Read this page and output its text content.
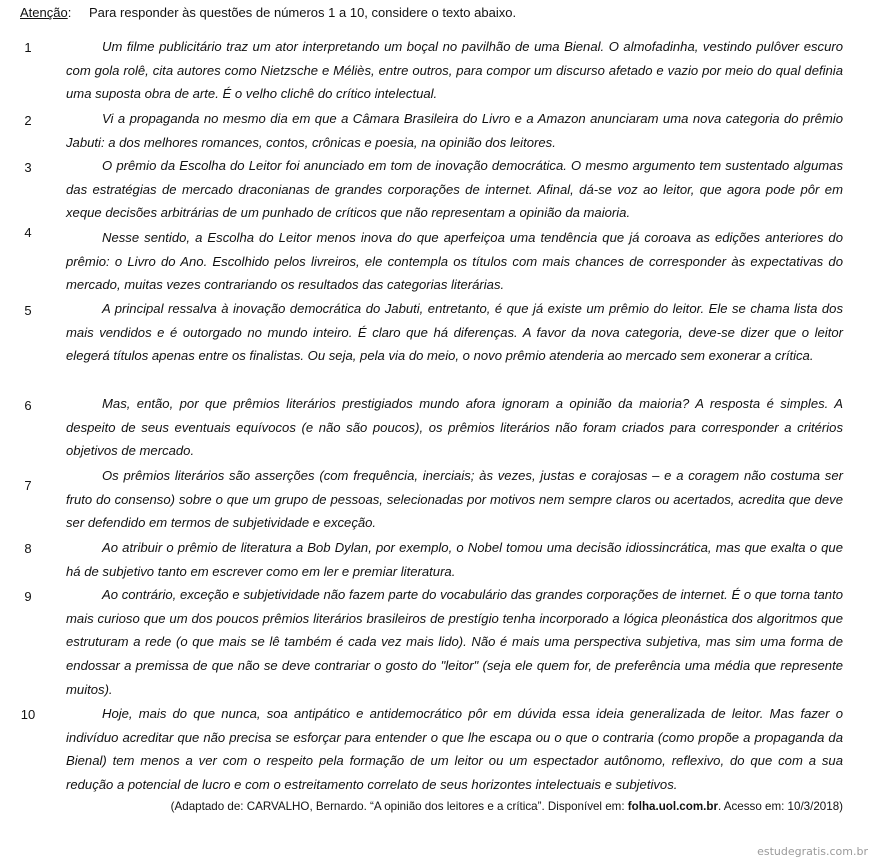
Atenção: Para responder às questões de números 1 a 10, considere o texto abaixo.
1	Um filme publicitário traz um ator interpretando um boçal no pavilhão de uma Bienal. O almofadinha, vestindo pulôver escuro com gola rolê, cita autores como Nietzsche e Méliès, entre outros, para compor um discurso afetado e vazio por meio do qual definia uma suposta obra de arte. É o velho clichê do crítico intelectual.
2	Vi a propaganda no mesmo dia em que a Câmara Brasileira do Livro e a Amazon anunciaram uma nova categoria do prêmio Jabuti: a dos melhores romances, contos, crônicas e poesia, na opinião dos leitores.
3	O prêmio da Escolha do Leitor foi anunciado em tom de inovação democrática. O mesmo argumento tem sustentado algumas das estratégias de mercado draconianas de grandes corporações de internet. Afinal, dá-se voz ao leitor, que agora pode pôr em xeque decisões arbitrárias de um punhado de críticos que não representam a opinião da maioria.
4	Nesse sentido, a Escolha do Leitor menos inova do que aperfeiçoa uma tendência que já coroava as edições anteriores do prêmio: o Livro do Ano. Escolhido pelos livreiros, ele contempla os títulos com mais chances de corresponder às expectativas do mercado, muitas vezes contrariando os resultados das categorias literárias.
5	A principal ressalva à inovação democrática do Jabuti, entretanto, é que já existe um prêmio do leitor. Ele se chama lista dos mais vendidos e é outorgado no mundo inteiro. É claro que há diferenças. A favor da nova categoria, deve-se dizer que o leitor elegerá títulos apenas entre os finalistas. Ou seja, pela via do meio, o novo prêmio atenderia ao mercado sem exonerar a crítica.
6	Mas, então, por que prêmios literários prestigiados mundo afora ignoram a opinião da maioria? A resposta é simples. A despeito de seus eventuais equívocos (e não são poucos), os prêmios literários não foram criados para corresponder a critérios objetivos de mercado.
7
Os prêmios literários são asserções (com frequência, inerciais; às vezes, justas e corajosas – e a coragem não costuma ser fruto do consenso) sobre o que um grupo de pessoas, selecionadas por motivos nem sempre claros ou acertados, acredita que deve ser defendido em termos de subjetividade e exceção.
8	Ao atribuir o prêmio de literatura a Bob Dylan, por exemplo, o Nobel tomou uma decisão idiossincrática, mas que exalta o que há de subjetivo tanto em escrever como em ler e premiar literatura.
9	Ao contrário, exceção e subjetividade não fazem parte do vocabulário das grandes corporações de internet. É o que torna tanto mais curioso que um dos poucos prêmios literários brasileiros de prestígio tenha incorporado a lógica pleonástica dos algoritmos que estruturam a rede (o que mais se lê também é cada vez mais lido). Não é mais uma perspectiva subjetiva, mas sim uma forma de endossar a premissa de que não se deve contrariar o gosto do "leitor" (seja ele quem for, de preferência uma média que represente muitos).
10	Hoje, mais do que nunca, soa antipático e antidemocrático pôr em dúvida essa ideia generalizada de leitor. Mas fazer o indivíduo acreditar que não precisa se esforçar para entender o que lhe escapa ou o que o contraria (como propõe a propaganda da Bienal) tem menos a ver com o respeito pela formação de um leitor ou um espectador autônomo, reflexivo, do que com a sua redução a potencial de lucro e com o estreitamento correlato de seus horizontes intelectuais e subjetivos.
(Adaptado de: CARVALHO, Bernardo. “A opinião dos leitores e a crítica”. Disponível em: folha.uol.com.br. Acesso em: 10/3/2018)
estudegratis.com.br
